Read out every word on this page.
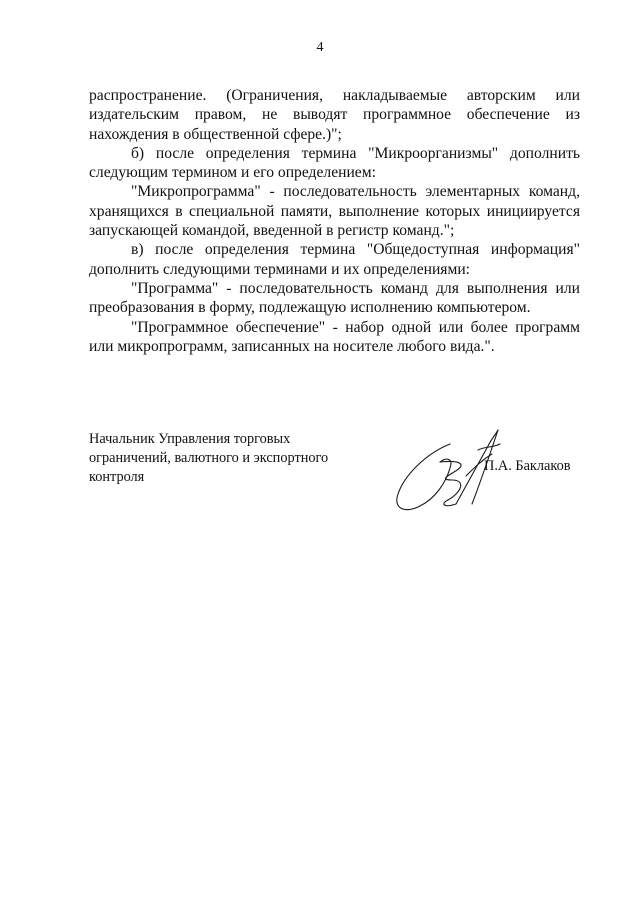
4

распространение. (Ограничения, накладываемые авторским или издательским правом, не выводят программное обеспечение из нахождения в общественной сфере.)";

б) после определения термина "Микроорганизмы" дополнить следующим термином и его определением:

"Микропрограмма" - последовательность элементарных команд, хранящихся в специальной памяти, выполнение которых инициируется запускающей командой, введенной в регистр команд.";

в) после определения термина "Общедоступная информация" дополнить следующими терминами и их определениями:

"Программа" - последовательность команд для выполнения или преобразования в форму, подлежащую исполнению компьютером.

"Программное обеспечение" - набор одной или более программ или микропрограмм, записанных на носителе любого вида.".

Начальник Управления торговых
ограничений, валютного и экспортного
контроля
П.А. Баклаков
